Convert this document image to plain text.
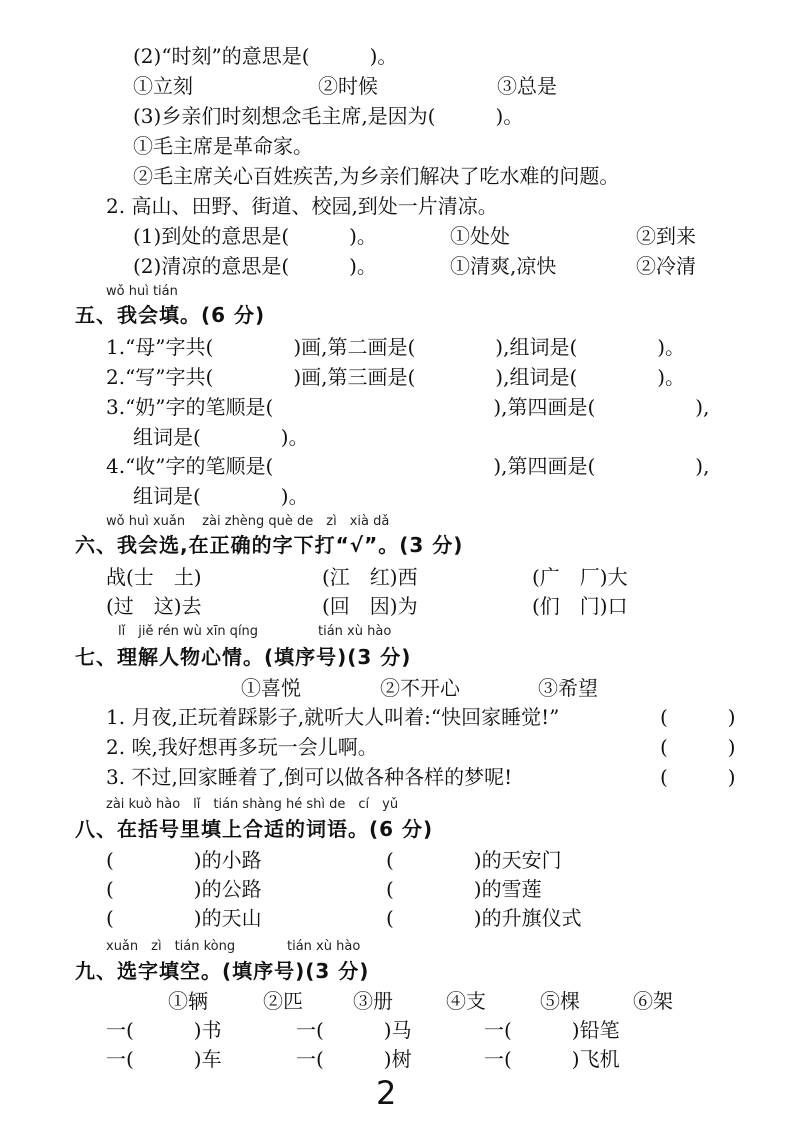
(2)“时刻”的意思是(　　　)。
①立刻	②时候	③总是
(3)乡亲们时刻想念毛主席,是因为(　　　)。
①毛主席是革命家。
②毛主席关心百姓疾苦,为乡亲们解决了吃水难的问题。
2. 高山、田野、街道、校园,到处一片清凉。
(1)到处的意思是(　　　)。	①处处	②到来
(2)清凉的意思是(　　　)。	①清爽,凉快	②冷清
wǒ huì tián
五、我会填。(6 分)
1.“母”字共(　　　　)画,第二画是(　　　　),组词是(　　　　)。
2.“写”字共(　　　　)画,第三画是(　　　　),组词是(　　　　)。
3.“奶”字的笔顺是(　　　　　　　　　　　),第四画是(　　　　　),
组词是(　　　　)。
4.“收”字的笔顺是(　　　　　　　　　　　),第四画是(　　　　　),
组词是(　　　　)。
wǒ huì xuǎn　 zài zhèng què de　zì　xià dǎ
六、我会选,在正确的字下打“√”。(3 分)
战(士　土)	(江　红)西	(广　厂)大
(过　这)去	(回　因)为	(们　门)口
lǐ　jiě rén wù xīn qíng	tián xù hào
七、理解人物心情。(填序号)(3 分)
①喜悦	②不开心	③希望
1. 月夜,正玩着踩影子,就听大人叫着:“快回家睡觉!”	(　　　)
2. 唉,我好想再多玩一会儿啊。	(　　　)
3. 不过,回家睡着了,倒可以做各种各样的梦呢!	(　　　)
zài kuò hào　lǐ　tián shàng hé shì de　cí　yǔ
八、在括号里填上合适的词语。(6 分)
(　　　　)的小路	(　　　　)的天安门
(　　　　)的公路	(　　　　)的雪莲
(　　　　)的天山	(　　　　)的升旗仪式
xuǎn　zì　tián kòng	tián xù hào
九、选字填空。(填序号)(3 分)
①辆	②匹	③册	④支	⑤棵	⑥架
一(　　　)书	一(　　　)马	一(　　　)铅笔
一(　　　)车	一(　　　)树	一(　　　)飞机
2
